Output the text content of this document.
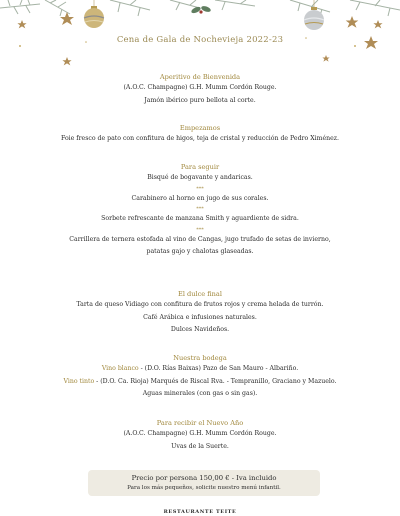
Cena de Gala de Nochevieja 2022-23
Aperitivo de Bienvenida
(A.O.C. Champagne) G.H. Mumm Cordón Rouge.
Jamón ibérico puro bellota al corte.
Empezamos
Foie fresco de pato con confitura de higos, teja de cristal y reducción de Pedro Ximénez.
Para seguir
Bisqué de bogavante y andaricas.
***
Carabinero al horno en jugo de sus corales.
***
Sorbete refrescante de manzana Smith y aguardiente de sidra.
***
Carrillera de ternera estofada al vino de Cangas, jugo trufado de setas de invierno,
patatas gajo y chalotas glaseadas.
El dulce final
Tarta de queso Vidiago con confitura de frutos rojos y crema helada de turrón.
Café Arábica e infusiones naturales.
Dulces Navideños.
Nuestra bodega
Vino blanco - (D.O. Rías Baixas) Pazo de San Mauro - Albariño.
Vino tinto - (D.O. Ca. Rioja) Marqués de Riscal Rva. - Tempranillo, Graciano y Mazuelo.
Aguas minerales (con gas o sin gas).
Para recibir el Nuevo Año
(A.O.C. Champagne) G.H. Mumm Cordón Rouge.
Uvas de la Suerte.
Precio por persona 150,00 € - Iva incluido
Para los más pequeños, solicite nuestro menú infantil.
RESTAURANTE TEITE
